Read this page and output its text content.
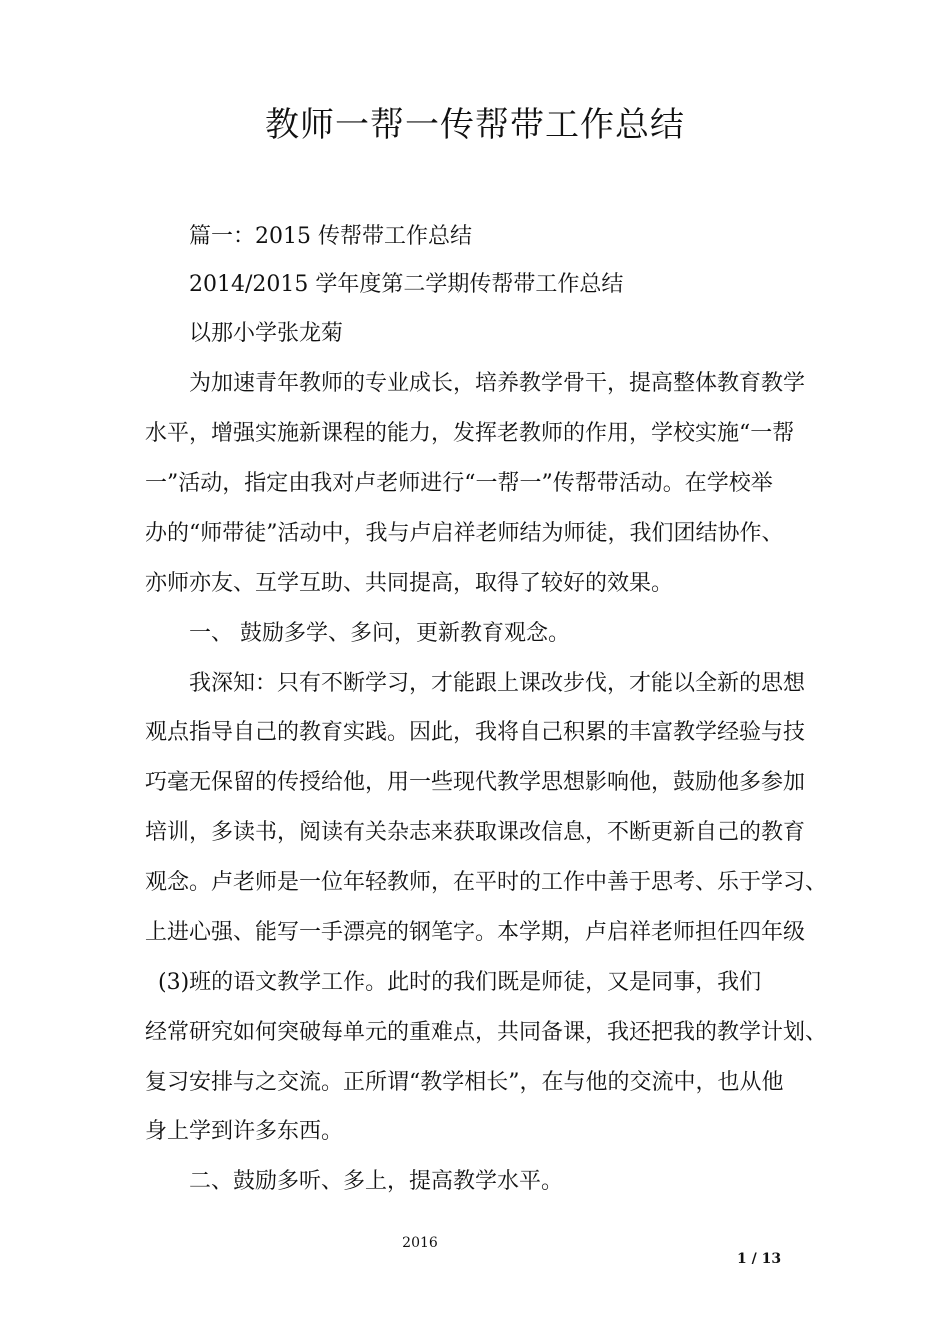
教师一帮一传帮带工作总结
篇一：2015 传帮带工作总结
2014/2015 学年度第二学期传帮带工作总结
以那小学张龙菊
为加速青年教师的专业成长，培养教学骨干，提高整体教育教学
水平，增强实施新课程的能力，发挥老教师的作用，学校实施“一帮
一”活动，指定由我对卢老师进行“一帮一”传帮带活动。在学校举
办的“师带徒”活动中，我与卢启祥老师结为师徒，我们团结协作、
亦师亦友、互学互助、共同提高，取得了较好的效果。
一、 鼓励多学、多问，更新教育观念。
我深知：只有不断学习，才能跟上课改步伐，才能以全新的思想
观点指导自己的教育实践。因此，我将自己积累的丰富教学经验与技
巧毫无保留的传授给他，用一些现代教学思想影响他，鼓励他多参加
培训，多读书，阅读有关杂志来获取课改信息，不断更新自己的教育
观念。卢老师是一位年轻教师，在平时的工作中善于思考、乐于学习、
上进心强、能写一手漂亮的钢笔字。本学期，卢启祥老师担任四年级
(3)班的语文教学工作。此时的我们既是师徒，又是同事，我们
经常研究如何突破每单元的重难点，共同备课，我还把我的教学计划、
复习安排与之交流。正所谓“教学相长”，在与他的交流中，也从他
身上学到许多东西。
二、鼓励多听、多上，提高教学水平。
2016
1 / 13
